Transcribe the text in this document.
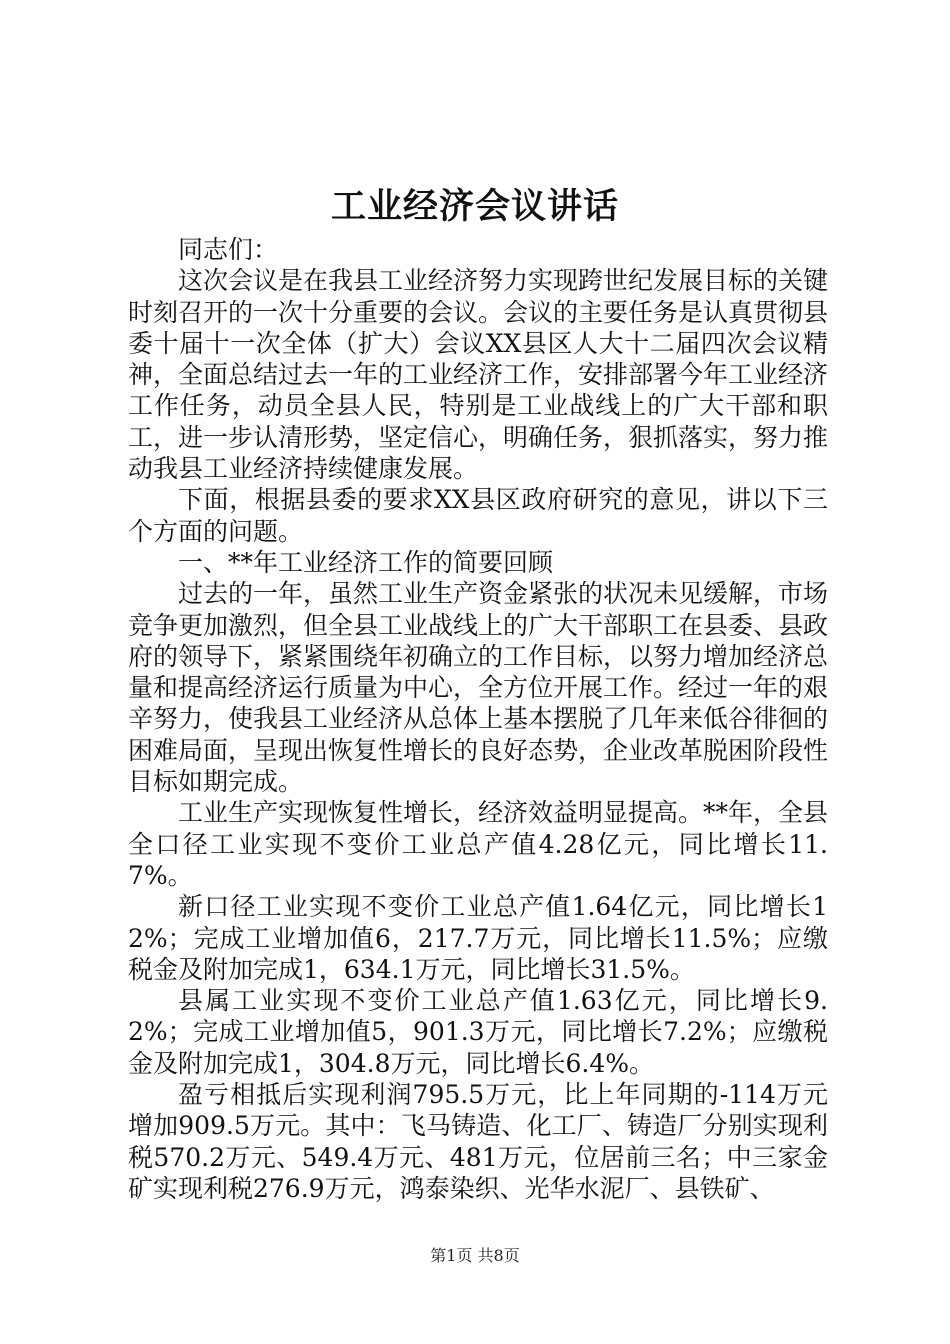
工业经济会议讲话

同志们：

这次会议是在我县工业经济努力实现跨世纪发展目标的关键时刻召开的一次十分重要的会议。会议的主要任务是认真贯彻县委十届十一次全体（扩大）会议XX县区人大十二届四次会议精神，全面总结过去一年的工业经济工作，安排部署今年工业经济工作任务，动员全县人民，特别是工业战线上的广大干部和职工，进一步认清形势，坚定信心，明确任务，狠抓落实，努力推动我县工业经济持续健康发展。

下面，根据县委的要求XX县区政府研究的意见，讲以下三个方面的问题。

一、**年工业经济工作的简要回顾

过去的一年，虽然工业生产资金紧张的状况未见缓解，市场竞争更加激烈，但全县工业战线上的广大干部职工在县委、县政府的领导下，紧紧围绕年初确立的工作目标，以努力增加经济总量和提高经济运行质量为中心，全方位开展工作。经过一年的艰辛努力，使我县工业经济从总体上基本摆脱了几年来低谷徘徊的困难局面，呈现出恢复性增长的良好态势，企业改革脱困阶段性目标如期完成。

工业生产实现恢复性增长，经济效益明显提高。**年，全县全口径工业实现不变价工业总产值4.28亿元，同比增长11.7%。

新口径工业实现不变价工业总产值1.64亿元，同比增长12%；完成工业增加值6，217.7万元，同比增长11.5%；应缴税金及附加完成1，634.1万元，同比增长31.5%。

县属工业实现不变价工业总产值1.63亿元，同比增长9.2%；完成工业增加值5，901.3万元，同比增长7.2%；应缴税金及附加完成1，304.8万元，同比增长6.4%。

盈亏相抵后实现利润795.5万元，比上年同期的-114万元增加909.5万元。其中：飞马铸造、化工厂、铸造厂分别实现利税570.2万元、549.4万元、481万元，位居前三名；中三家金矿实现利税276.9万元，鸿泰染织、光华水泥厂、县铁矿、

第1页 共8页
